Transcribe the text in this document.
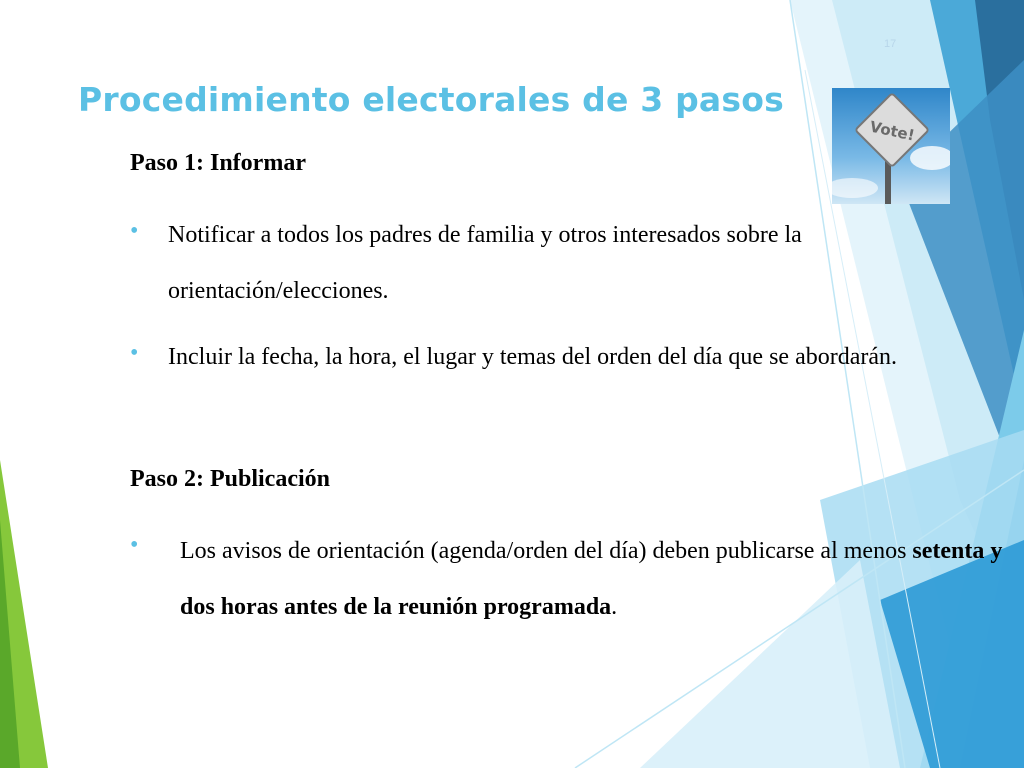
17
Procedimiento electorales de 3 pasos
Vote!
Paso 1: Informar
• Notificar a todos los padres de familia y otros interesados sobre la orientación/elecciones.
• Incluir la fecha, la hora, el lugar y temas del orden del día que se abordarán.
Paso 2: Publicación
• Los avisos de orientación (agenda/orden del día) deben publicarse al menos setenta y dos horas antes de la reunión programada.
